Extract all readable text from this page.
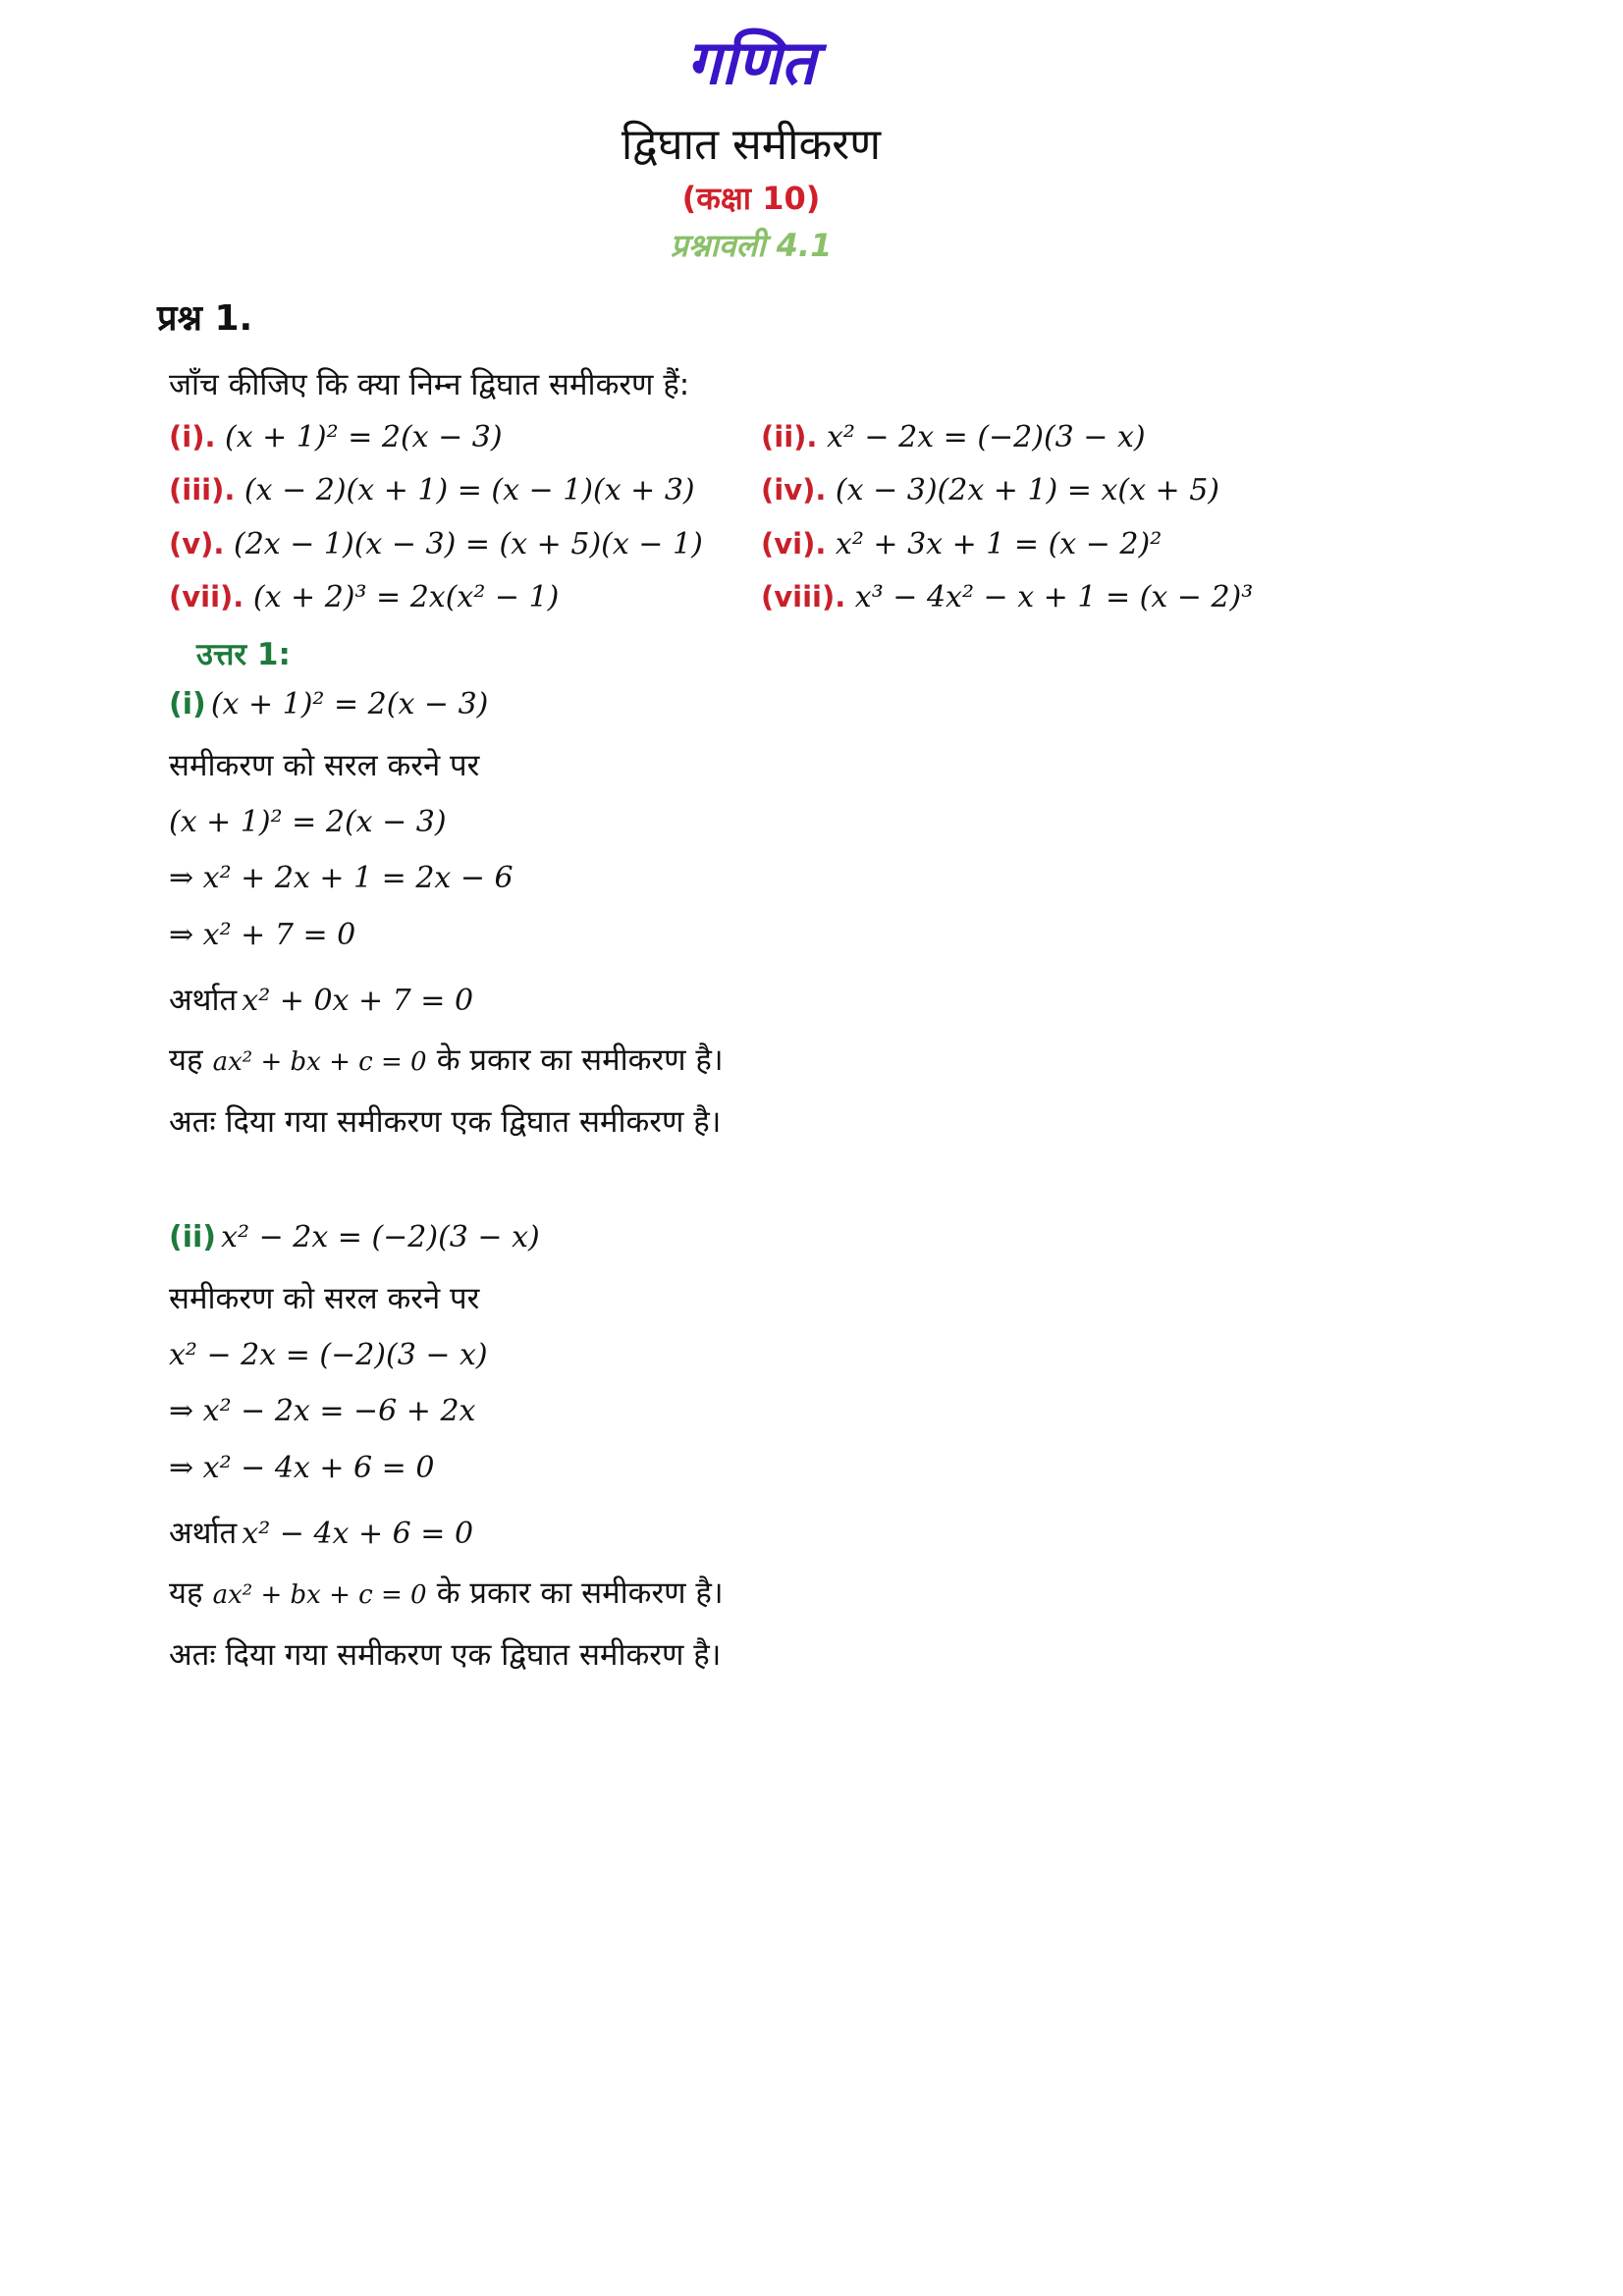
गणित
द्विघात समीकरण
(कक्षा 10)
प्रश्नावली 4.1
प्रश्न 1.
जाँच कीजिए कि क्या निम्न द्विघात समीकरण हैं:
(i). (x + 1)² = 2(x − 3)	(ii). x² − 2x = (−2)(3 − x)
(iii). (x − 2)(x + 1) = (x − 1)(x + 3) (iv). (x − 3)(2x + 1) = x(x + 5)
(v). (2x − 1)(x − 3) = (x + 5)(x − 1) (vi). x² + 3x + 1 = (x − 2)²
(vii). (x + 2)³ = 2x(x² − 1)	(viii). x³ − 4x² − x + 1 = (x − 2)³
उत्तर 1:
(i) (x + 1)² = 2(x − 3)
समीकरण को सरल करने पर
(x + 1)² = 2(x − 3)
⇒ x² + 2x + 1 = 2x − 6
⇒ x² + 7 = 0
अर्थात x² + 0x + 7 = 0
यह ax² + bx + c = 0 के प्रकार का समीकरण है।
अतः दिया गया समीकरण एक द्विघात समीकरण है।
(ii) x² − 2x = (−2)(3 − x)
समीकरण को सरल करने पर
x² − 2x = (−2)(3 − x)
⇒ x² − 2x = −6 + 2x
⇒ x² − 4x + 6 = 0
अर्थात x² − 4x + 6 = 0
यह ax² + bx + c = 0 के प्रकार का समीकरण है।
अतः दिया गया समीकरण एक द्विघात समीकरण है।
